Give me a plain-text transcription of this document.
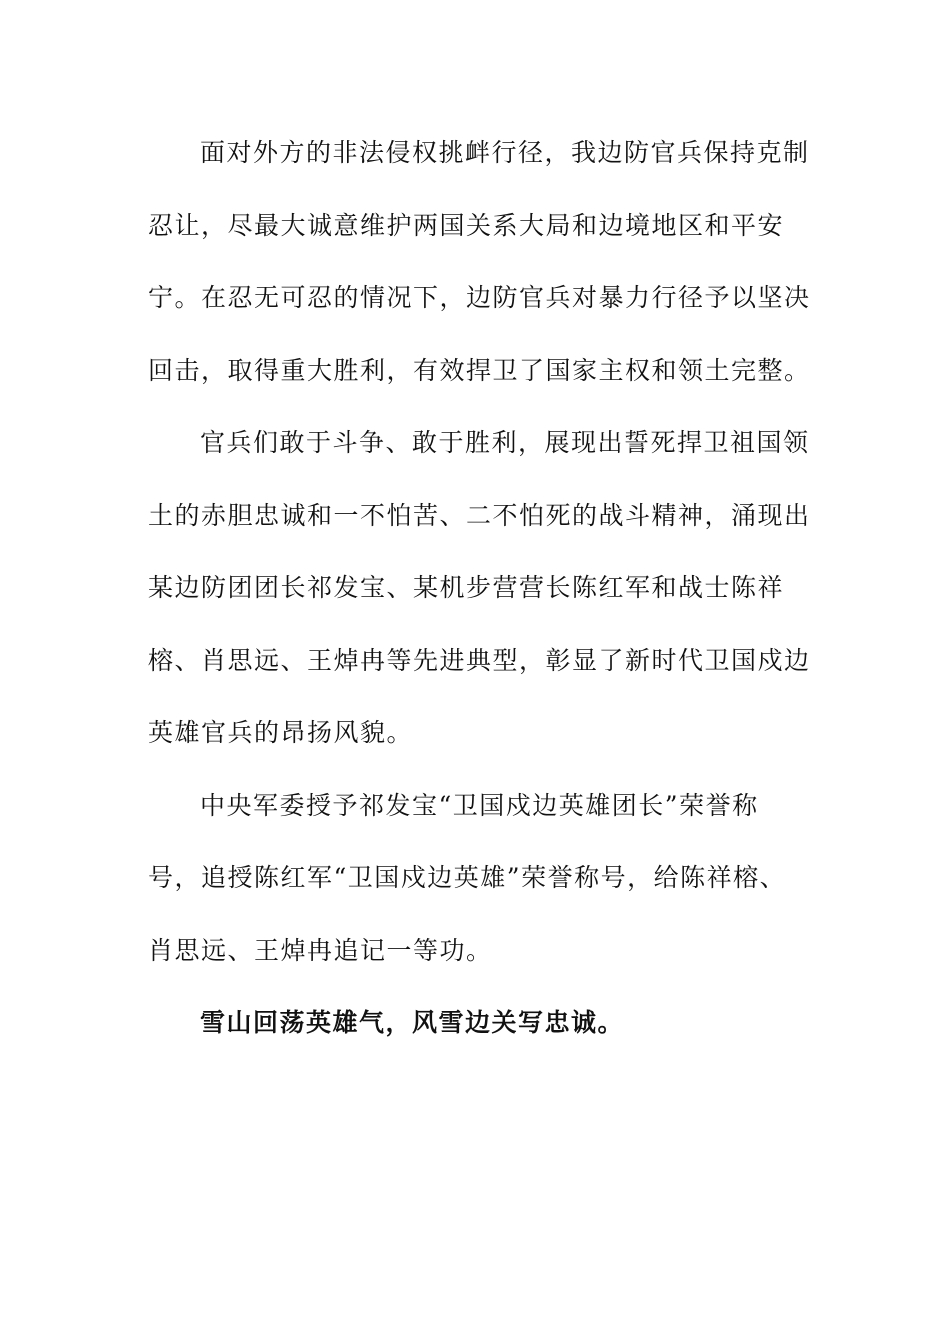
面对外方的非法侵权挑衅行径，我边防官兵保持克制
忍让，尽最大诚意维护两国关系大局和边境地区和平安
宁。在忍无可忍的情况下，边防官兵对暴力行径予以坚决
回击，取得重大胜利，有效捍卫了国家主权和领土完整。
官兵们敢于斗争、敢于胜利，展现出誓死捍卫祖国领
土的赤胆忠诚和一不怕苦、二不怕死的战斗精神，涌现出
某边防团团长祁发宝、某机步营营长陈红军和战士陈祥
榕、肖思远、王焯冉等先进典型，彰显了新时代卫国戍边
英雄官兵的昂扬风貌。
中央军委授予祁发宝“卫国戍边英雄团长”荣誉称
号，追授陈红军“卫国戍边英雄”荣誉称号，给陈祥榕、
肖思远、王焯冉追记一等功。
雪山回荡英雄气，风雪边关写忠诚。
